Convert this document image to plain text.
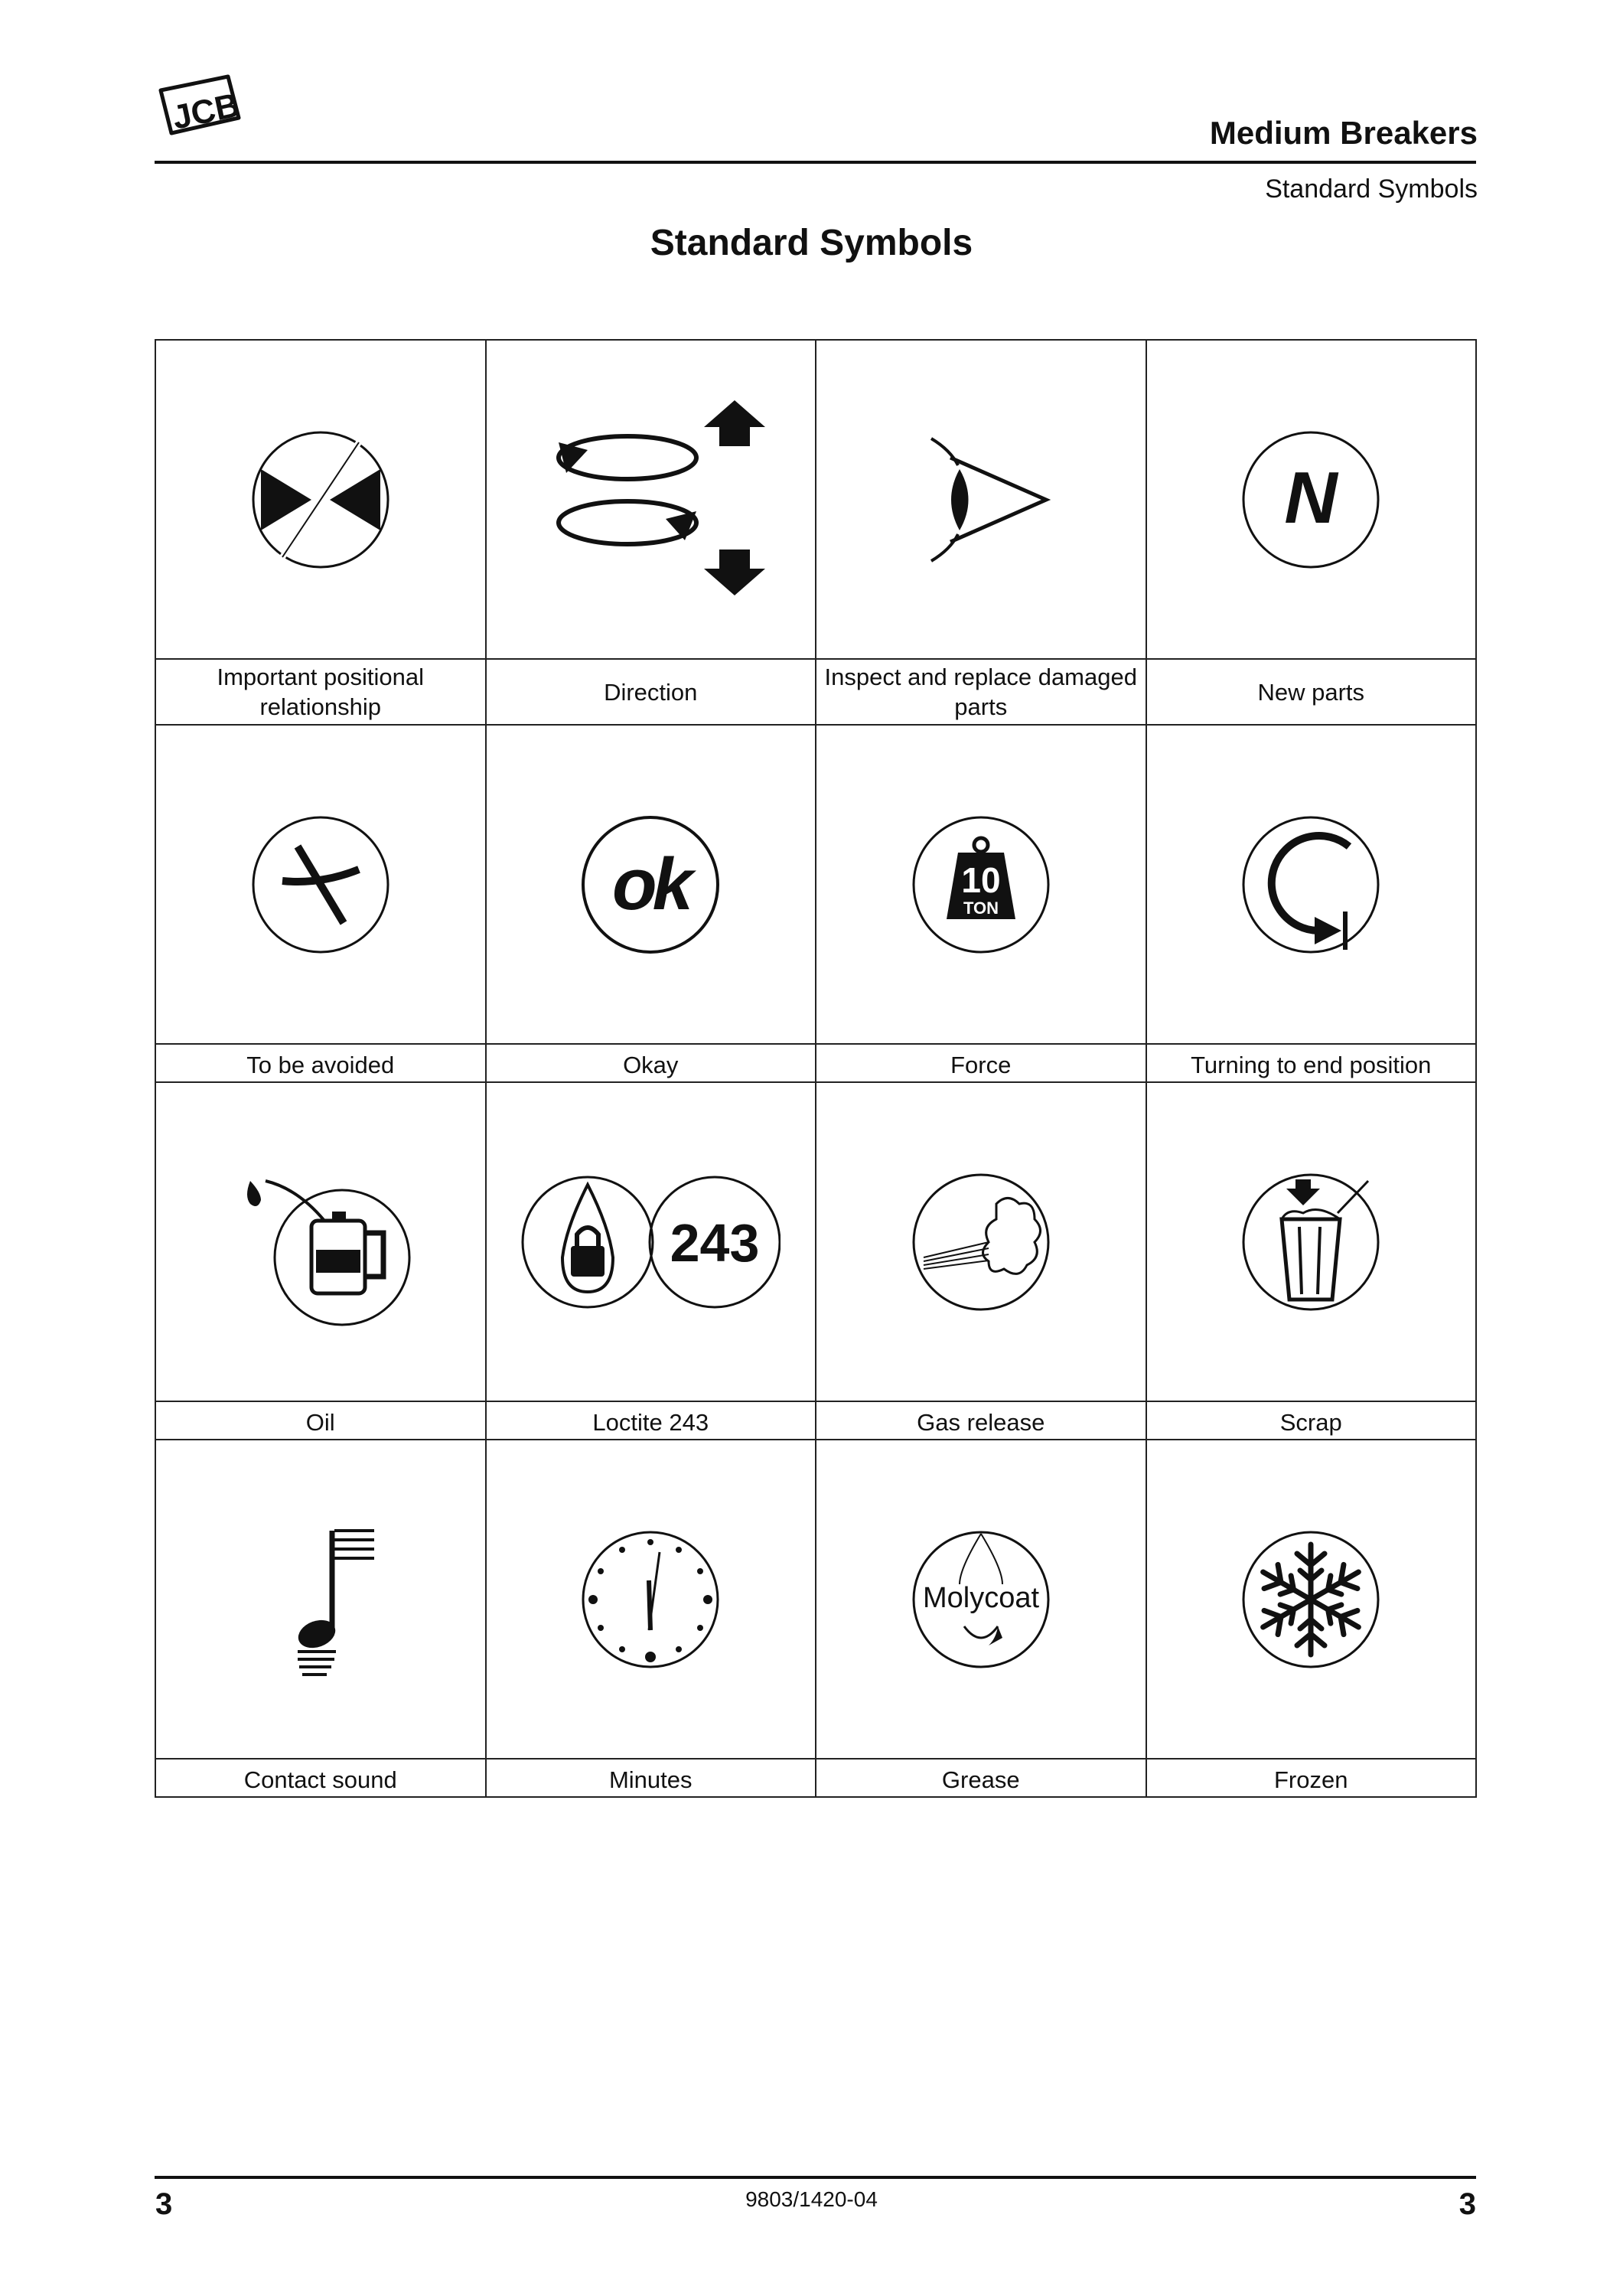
JCB	Medium Breakers
Standard Symbols
Standard Symbols

N

Important positional relationship	Direction	Inspect and replace damaged parts	New parts

ok	10
TON

To be avoided	Okay	Force	Turning to end position

243

Oil	Loctite 243	Gas release	Scrap

Molycoat

Contact sound	Minutes	Grease	Frozen
3	9803/1420-04	3
